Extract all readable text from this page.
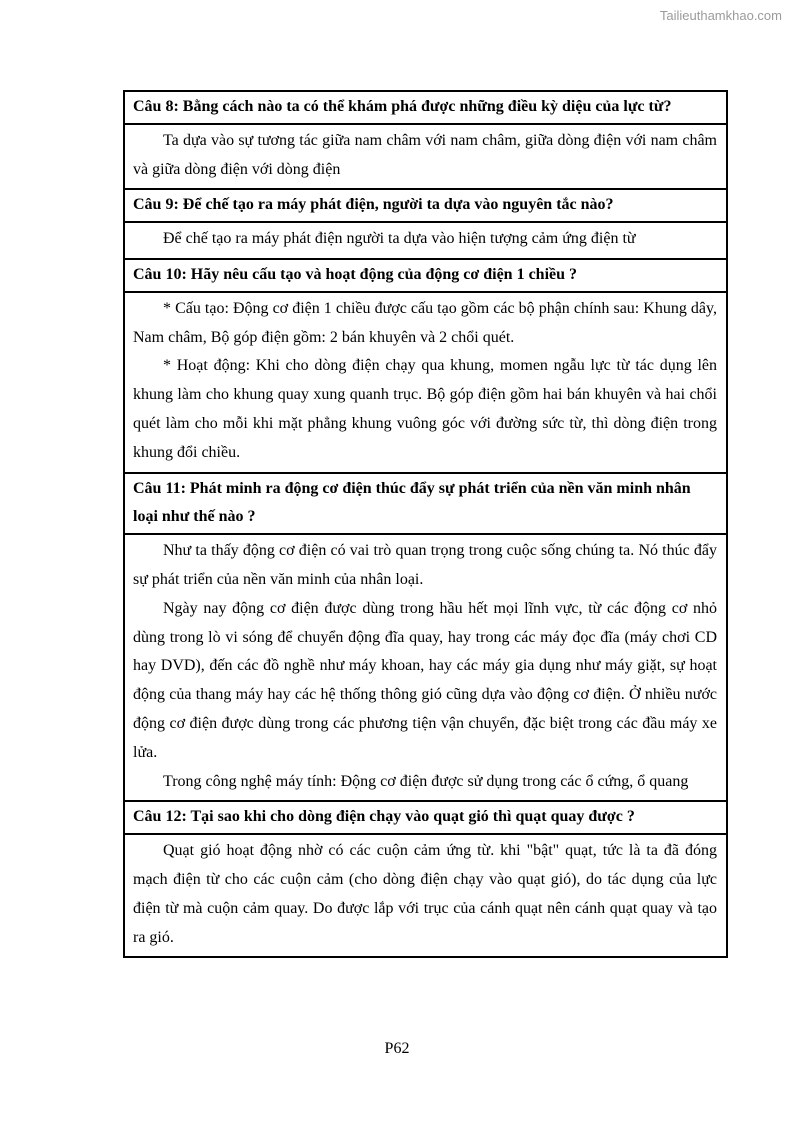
Tailieuthamkhao.com
Câu 8: Bằng cách nào ta có thể khám phá được những điều kỳ diệu của lực từ?

Ta dựa vào sự tương tác giữa nam châm với nam châm, giữa dòng điện với nam châm và giữa dòng điện với dòng điện

Câu 9: Để chế tạo ra máy phát điện, người ta dựa vào nguyên tắc nào?

Để chế tạo ra máy phát điện người ta dựa vào hiện tượng cảm ứng điện từ

Câu 10: Hãy nêu cấu tạo và hoạt động của động cơ điện 1 chiều ?

* Cấu tạo: Động cơ điện 1 chiều được cấu tạo gồm các bộ phận chính sau: Khung dây, Nam châm, Bộ góp điện gồm: 2 bán khuyên và 2 chổi quét.

* Hoạt động: Khi cho dòng điện chạy qua khung, momen ngẫu lực từ tác dụng lên khung làm cho khung quay xung quanh trục. Bộ góp điện gồm hai bán khuyên và hai chổi quét làm cho mỗi khi mặt phẳng khung vuông góc với đường sức từ, thì dòng điện trong khung đổi chiều.

Câu 11: Phát minh ra động cơ điện thúc đẩy sự phát triển của nền văn minh nhân loại như thế nào ?

Như ta thấy động cơ điện có vai trò quan trọng trong cuộc sống chúng ta. Nó thúc đẩy sự phát triển của nền văn minh của nhân loại.

Ngày nay động cơ điện được dùng trong hầu hết mọi lĩnh vực, từ các động cơ nhỏ dùng trong lò vi sóng để chuyển động đĩa quay, hay trong các máy đọc đĩa (máy chơi CD hay DVD), đến các đồ nghề như máy khoan, hay các máy gia dụng như máy giặt, sự hoạt động của thang máy hay các hệ thống thông gió cũng dựa vào động cơ điện. Ở nhiều nước động cơ điện được dùng trong các phương tiện vận chuyển, đặc biệt trong các đầu máy xe lửa.

Trong công nghệ máy tính: Động cơ điện được sử dụng trong các ổ cứng, ổ quang

Câu 12: Tại sao khi cho dòng điện chạy vào quạt gió thì quạt quay được ?

Quạt gió hoạt động nhờ có các cuộn cảm ứng từ. khi "bật" quạt, tức là ta đã đóng mạch điện từ cho các cuộn cảm (cho dòng điện chạy vào quạt gió), do tác dụng của lực điện từ mà cuộn cảm quay. Do được lắp với trục của cánh quạt nên cánh quạt quay và tạo ra gió.

P62
